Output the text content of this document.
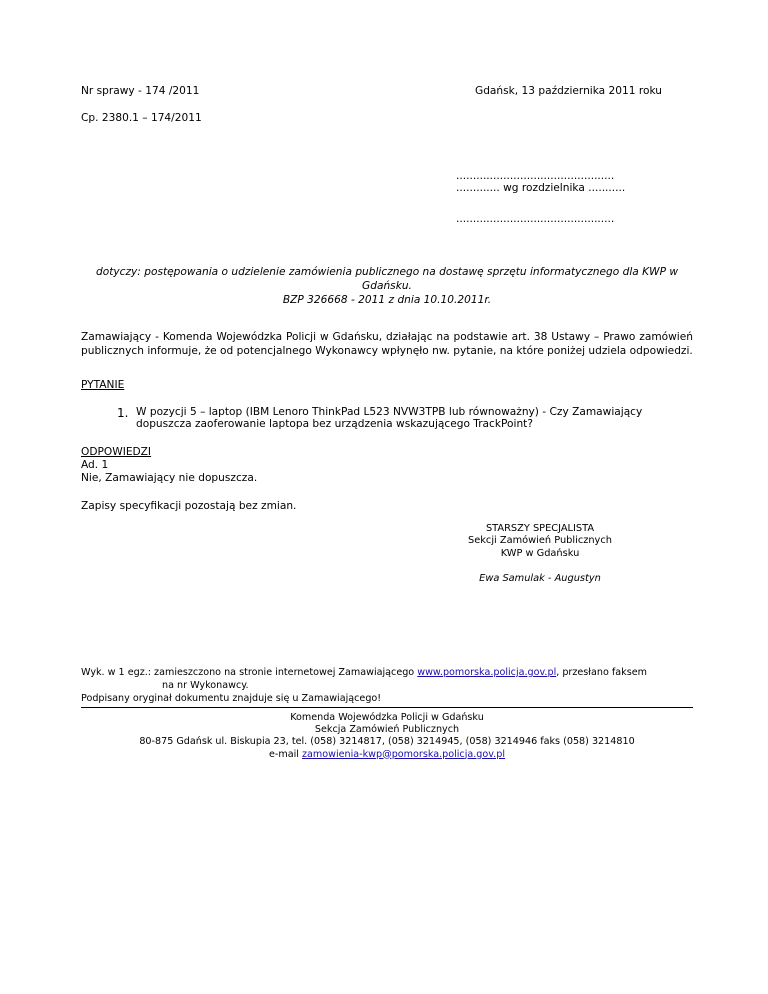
Nr sprawy - 174 /2011	Gdańsk, 13 października 2011 roku
Cp. 2380.1 – 174/2011
...............................................
............. wg rozdzielnika ...........
...............................................
dotyczy: postępowania o udzielenie zamówienia publicznego na dostawę sprzętu informatycznego dla KWP w
Gdańsku.
BZP 326668 - 2011 z dnia 10.10.2011r.
Zamawiający - Komenda Wojewódzka Policji w Gdańsku, działając na podstawie art. 38 Ustawy – Prawo zamówień publicznych informuje, że od potencjalnego Wykonawcy wpłynęło nw. pytanie, na które poniżej udziela odpowiedzi.
PYTANIE
1. W pozycji 5 – laptop (IBM Lenoro ThinkPad L523 NVW3TPB lub równoważny) - Czy Zamawiający
dopuszcza zaoferowanie laptopa bez urządzenia wskazującego TrackPoint?
ODPOWIEDZI
Ad. 1
Nie, Zamawiający nie dopuszcza.
Zapisy specyfikacji pozostają bez zmian.
STARSZY SPECJALISTA
Sekcji Zamówień Publicznych
KWP w Gdańsku
Ewa Samulak - Augustyn
Wyk. w 1 egz.: zamieszczono na stronie internetowej Zamawiającego www.pomorska.policja.gov.pl, przesłano faksem
na nr Wykonawcy.
Podpisany oryginał dokumentu znajduje się u Zamawiającego!
Komenda Wojewódzka Policji w Gdańsku
Sekcja Zamówień Publicznych
80-875 Gdańsk ul. Biskupia 23, tel. (058) 3214817, (058) 3214945, (058) 3214946 faks (058) 3214810
e-mail zamowienia-kwp@pomorska.policja.gov.pl
